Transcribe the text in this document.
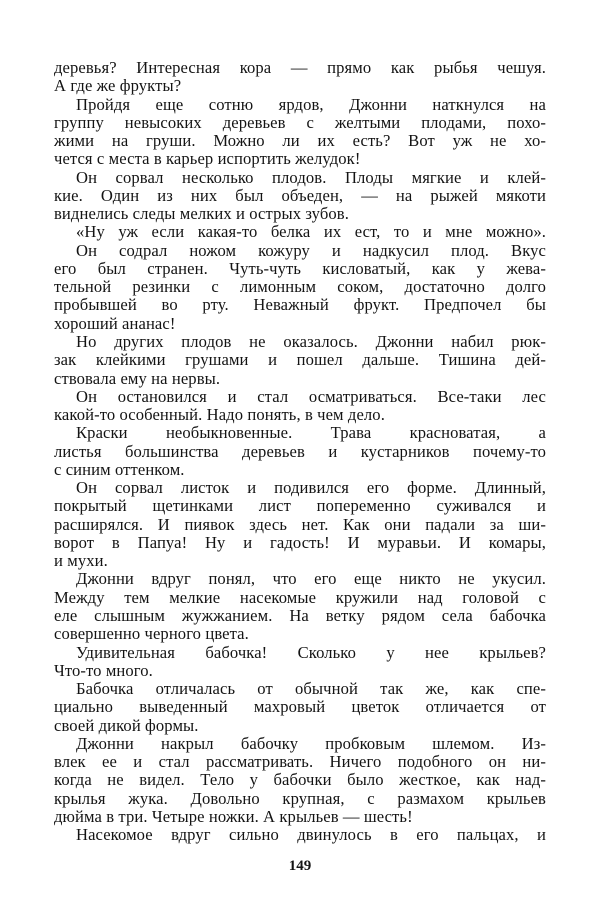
деревья? Интересная кора — прямо как рыбья чешуя.
А где же фрукты?
Пройдя еще сотню ярдов, Джонни наткнулся на
группу невысоких деревьев с желтыми плодами, похо-
жими на груши. Можно ли их есть? Вот уж не хо-
чется с места в карьер испортить желудок!
Он сорвал несколько плодов. Плоды мягкие и клей-
кие. Один из них был объеден, — на рыжей мякоти
виднелись следы мелких и острых зубов.
«Ну уж если какая-то белка их ест, то и мне можно».
Он содрал ножом кожуру и надкусил плод. Вкус
его был странен. Чуть-чуть кисловатый, как у жева-
тельной резинки с лимонным соком, достаточно долго
пробывшей во рту. Неважный фрукт. Предпочел бы
хороший ананас!
Но других плодов не оказалось. Джонни набил рюк-
зак клейкими грушами и пошел дальше. Тишина дей-
ствовала ему на нервы.
Он остановился и стал осматриваться. Все-таки лес
какой-то особенный. Надо понять, в чем дело.
Краски необыкновенные. Трава красноватая, а
листья большинства деревьев и кустарников почему-то
с синим оттенком.
Он сорвал листок и подивился его форме. Длинный,
покрытый щетинками лист попеременно суживался и
расширялся. И пиявок здесь нет. Как они падали за ши-
ворот в Папуа! Ну и гадость! И муравьи. И комары,
и мухи.
Джонни вдруг понял, что его еще никто не укусил.
Между тем мелкие насекомые кружили над головой с
еле слышным жужжанием. На ветку рядом села бабочка
совершенно черного цвета.
Удивительная бабочка! Сколько у нее крыльев?
Что-то много.
Бабочка отличалась от обычной так же, как спе-
циально выведенный махровый цветок отличается от
своей дикой формы.
Джонни накрыл бабочку пробковым шлемом. Из-
влек ее и стал рассматривать. Ничего подобного он ни-
когда не видел. Тело у бабочки было жесткое, как над-
крылья жука. Довольно крупная, с размахом крыльев
дюйма в три. Четыре ножки. А крыльев — шесть!
Насекомое вдруг сильно двинулось в его пальцах, и
149
